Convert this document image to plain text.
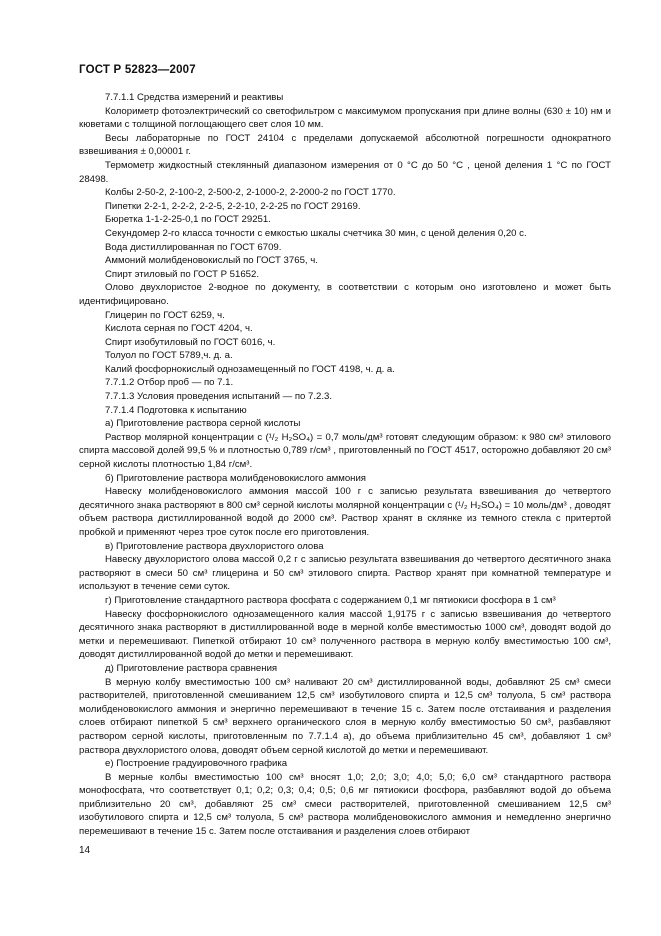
ГОСТ Р 52823—2007

7.7.1.1 Средства измерений и реактивы

Колориметр фотоэлектрический со светофильтром с максимумом пропускания при длине волны (630 ± 10) нм и кюветами с толщиной поглощающего свет слоя 10 мм.

Весы лабораторные по ГОСТ 24104 с пределами допускаемой абсолютной погрешности однократного взвешивания ± 0,00001 г.

Термометр жидкостный стеклянный диапазоном измерения от 0 °С до 50 °С , ценой деления 1 °С по ГОСТ 28498.

Колбы 2-50-2, 2-100-2, 2-500-2, 2-1000-2, 2-2000-2 по ГОСТ 1770.

Пипетки 2-2-1, 2-2-2, 2-2-5, 2-2-10, 2-2-25 по ГОСТ 29169.

Бюретка 1-1-2-25-0,1 по ГОСТ 29251.

Секундомер 2-го класса точности с емкостью шкалы счетчика 30 мин, с ценой деления 0,20 с.

Вода дистиллированная по ГОСТ 6709.

Аммоний молибденовокислый по ГОСТ 3765, ч.

Спирт этиловый по ГОСТ Р 51652.

Олово двухлористое 2-водное по документу, в соответствии с которым оно изготовлено и может быть идентифицировано.

Глицерин по ГОСТ 6259, ч.

Кислота серная по ГОСТ 4204, ч.

Спирт изобутиловый по ГОСТ 6016, ч.

Толуол по ГОСТ 5789,ч. д. а.

Калий фосфорнокислый однозамещенный по ГОСТ 4198, ч. д. а.

7.7.1.2 Отбор проб — по 7.1.

7.7.1.3 Условия проведения испытаний — по 7.2.3.

7.7.1.4 Подготовка к испытанию

а) Приготовление раствора серной кислоты

Раствор молярной концентрации c (¹/₂ H₂SO₄) = 0,7 моль/дм³ готовят следующим образом: к 980 см³ этилового спирта массовой долей 99,5 % и плотностью 0,789 г/см³ , приготовленный по ГОСТ 4517, осторожно добавляют 20 см³ серной кислоты плотностью 1,84 г/см³.

б) Приготовление раствора молибденовокислого аммония

Навеску молибденовокислого аммония массой 100 г с записью результата взвешивания до четвертого десятичного знака растворяют в 800 см³ серной кислоты молярной концентрации c (¹/₂ H₂SO₄) = 10 моль/дм³ , доводят объем раствора дистиллированной водой до 2000 см³. Раствор хранят в склянке из темного стекла с притертой пробкой и применяют через трое суток после его приготовления.

в) Приготовление раствора двухлористого олова

Навеску двухлористого олова массой 0,2 г с записью результата взвешивания до четвертого десятичного знака растворяют в смеси 50 см³ глицерина и 50 см³ этилового спирта. Раствор хранят при комнатной температуре и используют в течение семи суток.

г) Приготовление стандартного раствора фосфата с содержанием 0,1 мг пятиокиси фосфора в 1 см³

Навеску фосфорнокислого однозамещенного калия массой 1,9175 г с записью взвешивания до четвертого десятичного знака растворяют в дистиллированной воде в мерной колбе вместимостью 1000 см³, доводят водой до метки и перемешивают. Пипеткой отбирают 10 см³ полученного раствора в мерную колбу вместимостью 100 см³, доводят дистиллированной водой до метки и перемешивают.

д) Приготовление раствора сравнения

В мерную колбу вместимостью 100 см³ наливают 20 см³ дистиллированной воды, добавляют 25 см³ смеси растворителей, приготовленной смешиванием 12,5 см³ изобутилового спирта и 12,5 см³ толуола, 5 см³ раствора молибденовокислого аммония и энергично перемешивают в течение 15 с. Затем после отстаивания и разделения слоев отбирают пипеткой 5 см³ верхнего органического слоя в мерную колбу вместимостью 50 см³, разбавляют раствором серной кислоты, приготовленным по 7.7.1.4 а), до объема приблизительно 45 см³, добавляют 1 см³ раствора двухлористого олова, доводят объем серной кислотой до метки и перемешивают.

е) Построение градуировочного графика

В мерные колбы вместимостью 100 см³ вносят 1,0; 2,0; 3,0; 4,0; 5,0; 6,0 см³ стандартного раствора монофосфата, что соответствует 0,1; 0,2; 0,3; 0,4; 0,5; 0,6 мг пятиокиси фосфора, разбавляют водой до объема приблизительно 20 см³, добавляют 25 см³ смеси растворителей, приготовленной смешиванием 12,5 см³ изобутилового спирта и 12,5 см³ толуола, 5 см³ раствора молибденовокислого аммония и немедленно энергично перемешивают в течение 15 с. Затем после отстаивания и разделения слоев отбирают

14
